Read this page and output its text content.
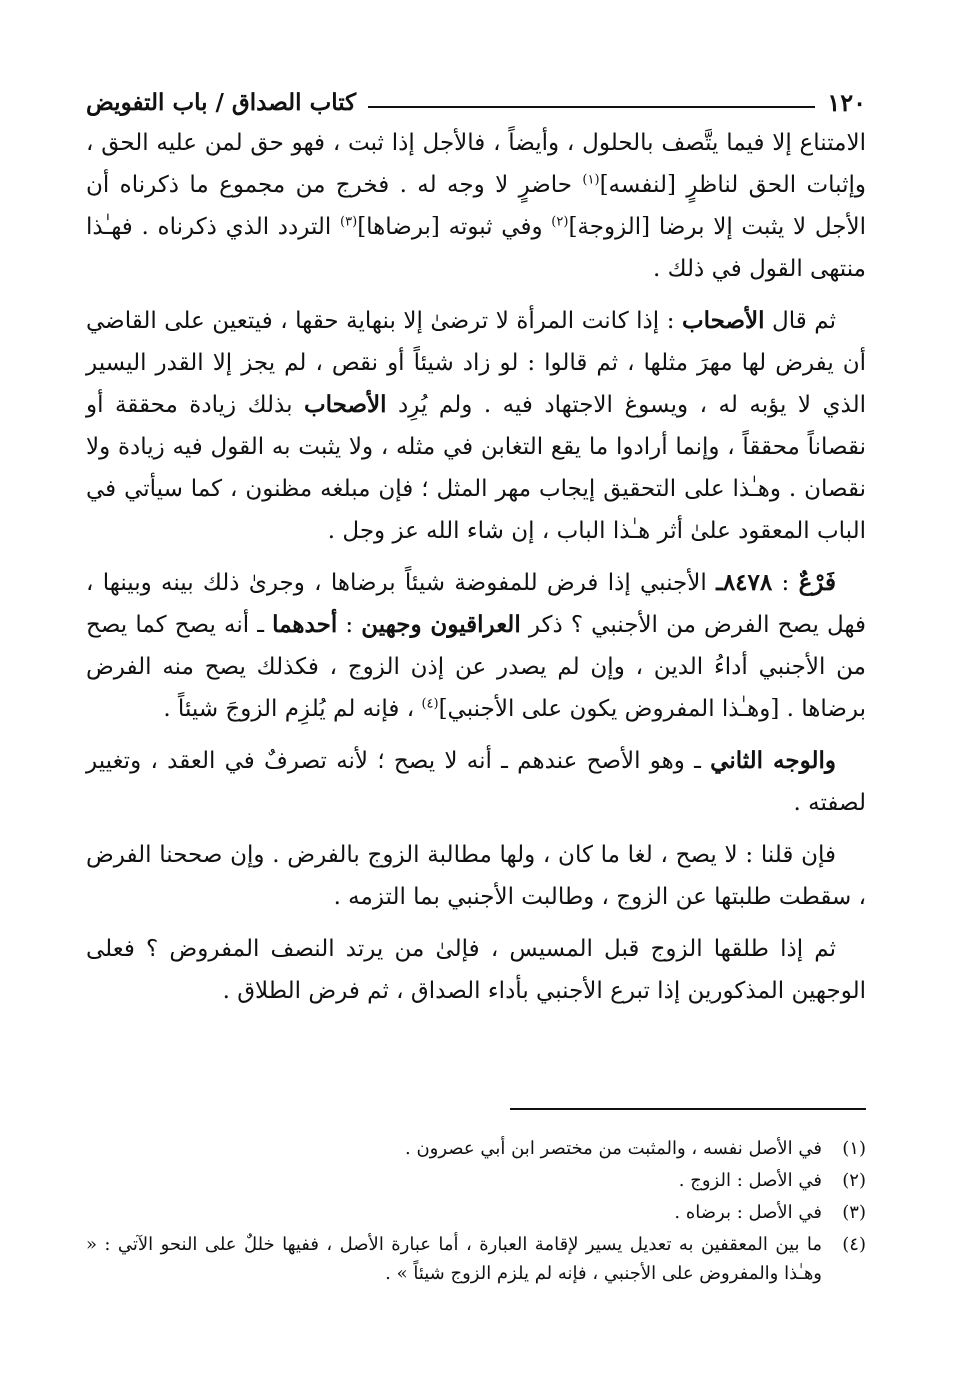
١٢٠
كتاب الصداق / باب التفويض

الامتناع إلا فيما يتَّصف بالحلول ، وأيضاً ، فالأجل إذا ثبت ، فهو حق لمن عليه الحق ، وإثبات الحق لناظرٍ [لنفسه]$^{(١)}$ حاضرٍ لا وجه له . فخرج من مجموع ما ذكرناه أن الأجل لا يثبت إلا برضا [الزوجة]$^{(٢)}$ وفي ثبوته [برضاها]$^{(٣)}$ التردد الذي ذكرناه . فهـٰذا منتهى القول في ذلك .

ثم قال الأصحاب : إذا كانت المرأة لا ترضىٰ إلا بنهاية حقها ، فيتعين على القاضي أن يفرض لها مهرَ مثلها ، ثم قالوا : لو زاد شيئاً أو نقص ، لم يجز إلا القدر اليسير الذي لا يؤبه له ، ويسوغ الاجتهاد فيه . ولم يُرِد الأصحاب بذلك زيادة محققة أو نقصاناً محققاً ، وإنما أرادوا ما يقع التغابن في مثله ، ولا يثبت به القول فيه زيادة ولا نقصان . وهـٰذا على التحقيق إيجاب مهر المثل ؛ فإن مبلغه مظنون ، كما سيأتي في الباب المعقود علىٰ أثر هـٰذا الباب ، إن شاء الله عز وجل .

فَرْعٌ : ٨٤٧٨ـ الأجنبي إذا فرض للمفوضة شيئاً برضاها ، وجرىٰ ذلك بينه وبينها ، فهل يصح الفرض من الأجنبي ؟ ذكر العراقيون وجهين : أحدهما ـ أنه يصح كما يصح من الأجنبي أداءُ الدين ، وإن لم يصدر عن إذن الزوج ، فكذلك يصح منه الفرض برضاها . [وهـٰذا المفروض يكون على الأجنبي]$^{(٤)}$ ، فإنه لم يُلزِم الزوجَ شيئاً .

والوجه الثاني ـ وهو الأصح عندهم ـ أنه لا يصح ؛ لأنه تصرفٌ في العقد ، وتغيير لصفته .

فإن قلنا : لا يصح ، لغا ما كان ، ولها مطالبة الزوج بالفرض . وإن صححنا الفرض ، سقطت طلبتها عن الزوج ، وطالبت الأجنبي بما التزمه .

ثم إذا طلقها الزوج قبل المسيس ، فإلىٰ من يرتد النصف المفروض ؟ فعلى الوجهين المذكورين إذا تبرع الأجنبي بأداء الصداق ، ثم فرض الطلاق .

(١)
في الأصل نفسه ، والمثبت من مختصر ابن أبي عصرون .
(٢)
في الأصل : الزوج .
(٣)
في الأصل : برضاه .
(٤)
ما بين المعقفين به تعديل يسير لإقامة العبارة ، أما عبارة الأصل ، ففيها خللٌ على النحو الآتي : « وهـٰذا والمفروض على الأجنبي ، فإنه لم يلزم الزوج شيئاً » .
